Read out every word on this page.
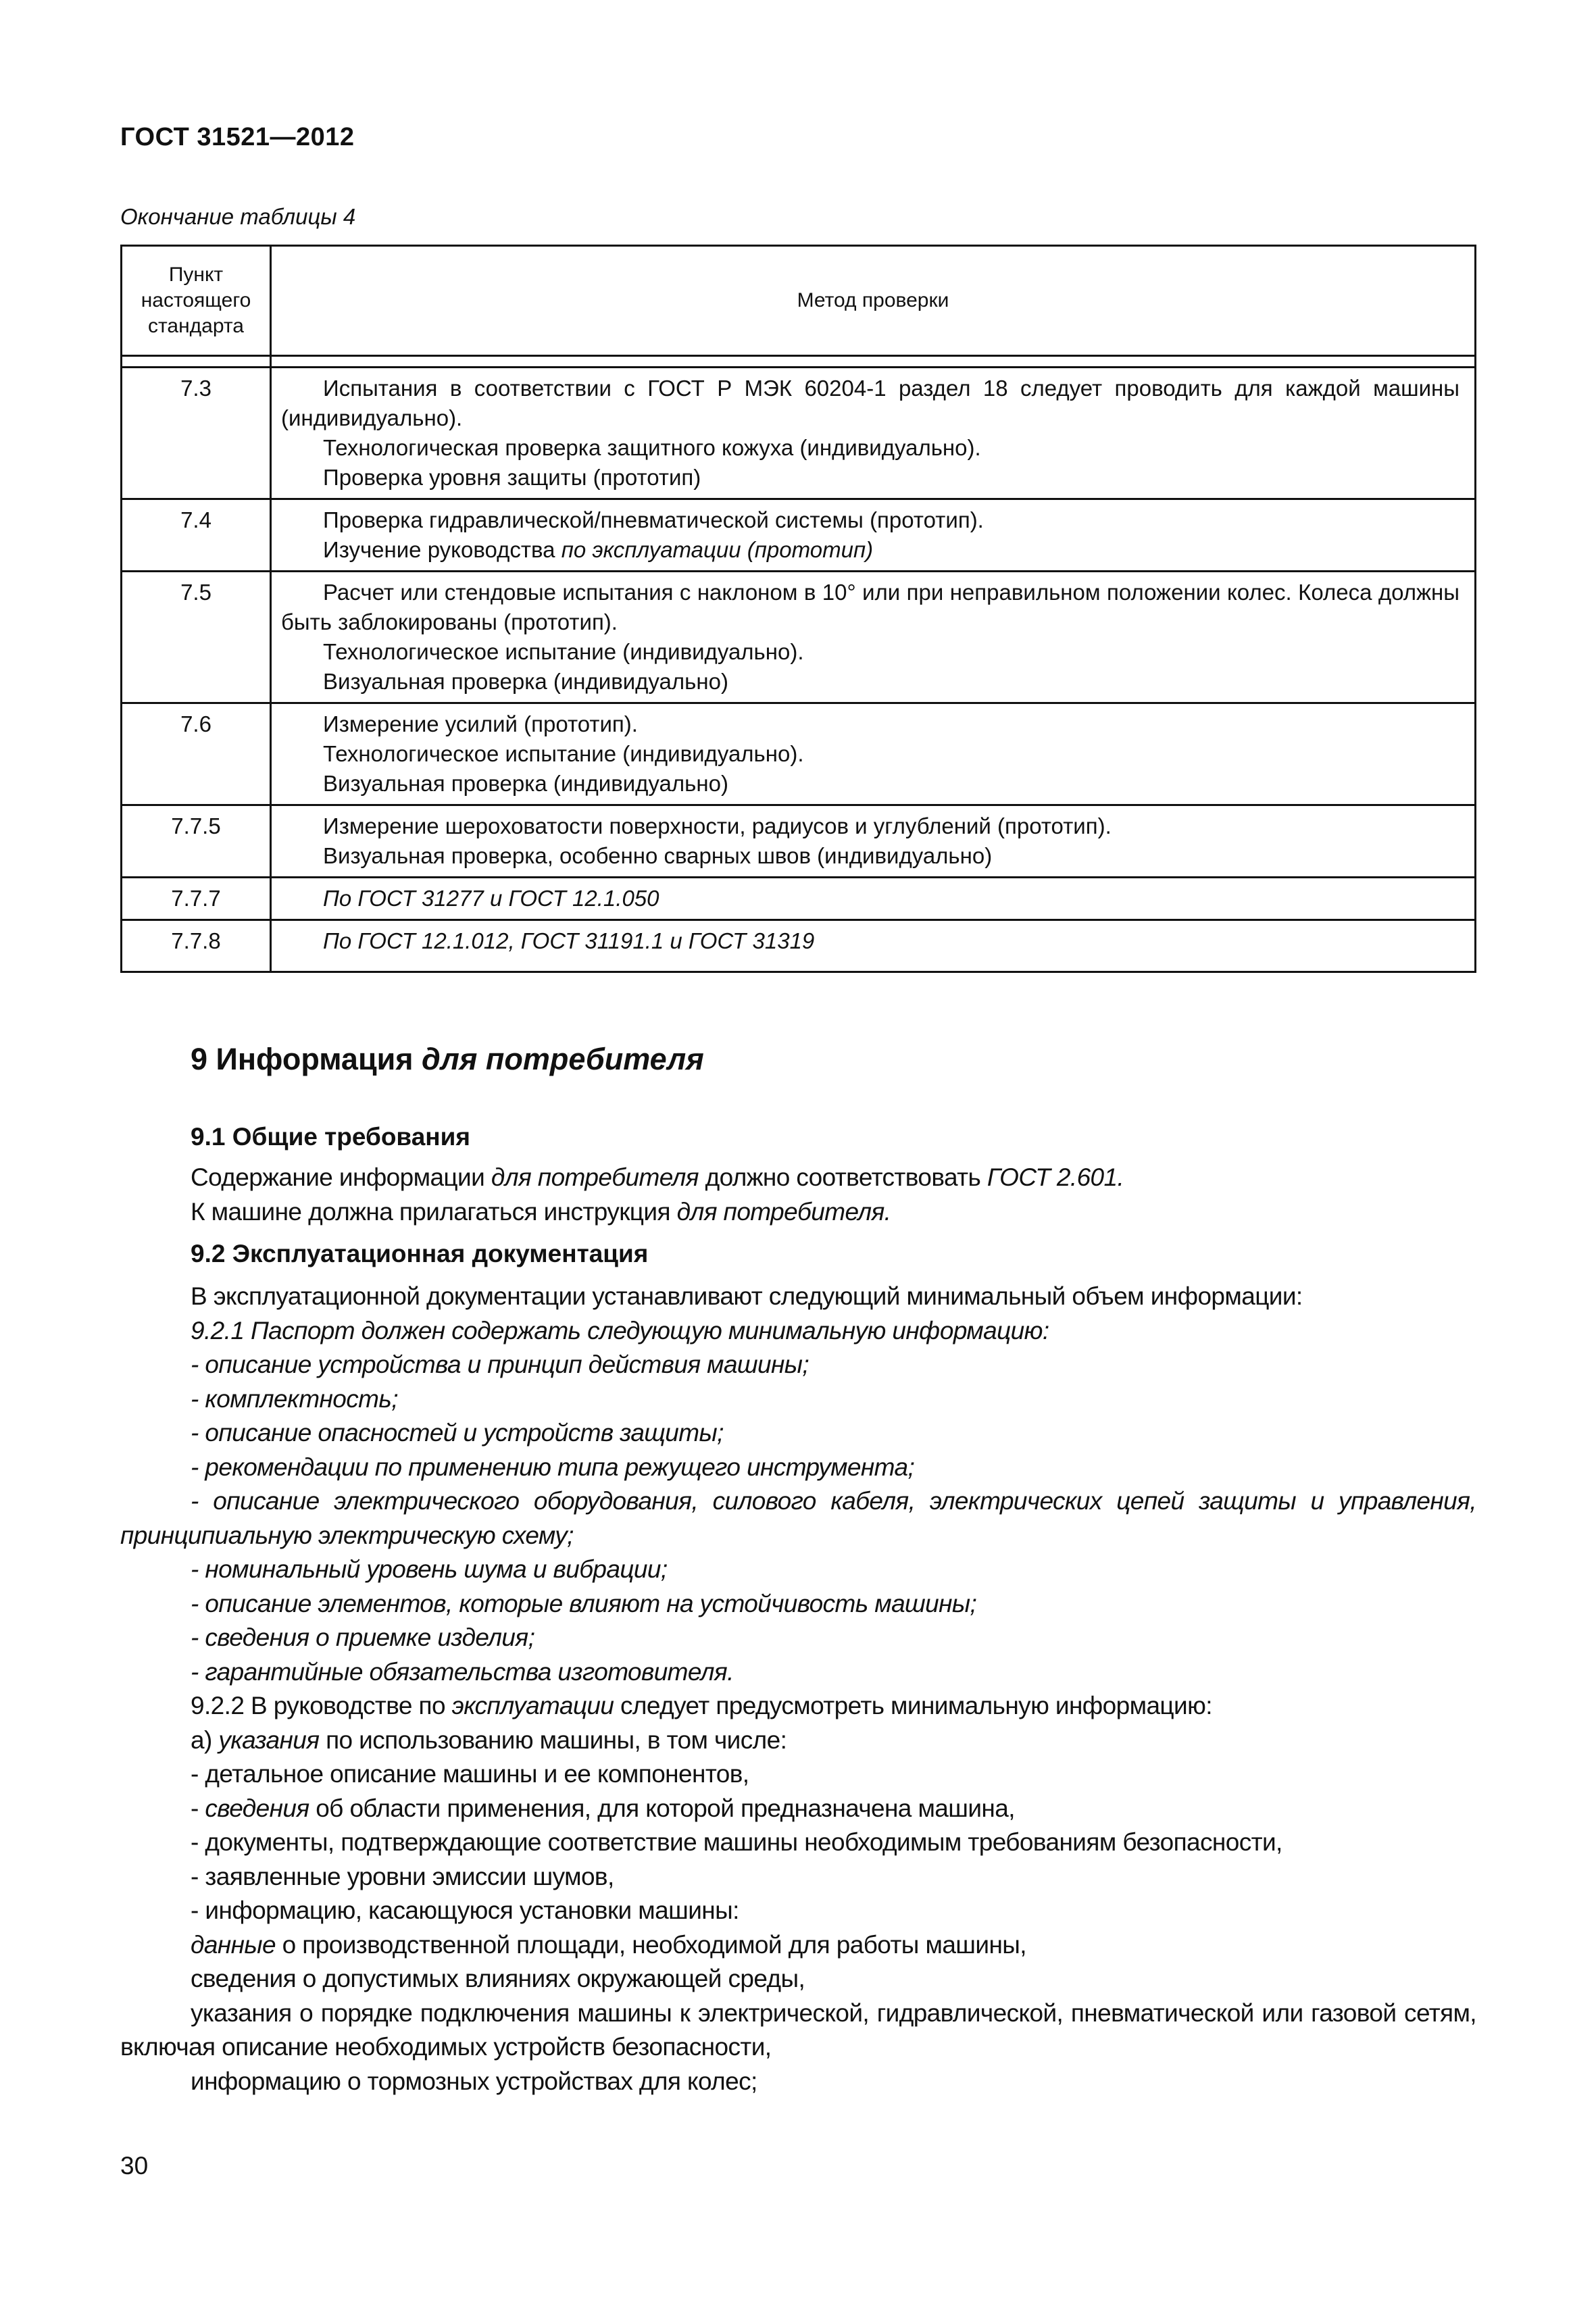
ГОСТ 31521—2012
Окончание таблицы 4
Пункт настоящего стандарта	Метод проверки

7.3	Испытания в соответствии с ГОСТ Р МЭК 60204-1 раздел 18 следует проводить для каждой машины (индивидуально).
Технологическая проверка защитного кожуха (индивидуально).
Проверка уровня защиты (прототип)

7.4	Проверка гидравлической/пневматической системы (прототип).
Изучение руководства по эксплуатации (прототип)

7.5	Расчет или стендовые испытания с наклоном в 10° или при неправильном положении колес. Колеса должны быть заблокированы (прототип).
Технологическое испытание (индивидуально).
Визуальная проверка (индивидуально)

7.6	Измерение усилий (прототип).
Технологическое испытание (индивидуально).
Визуальная проверка (индивидуально)

7.7.5	Измерение шероховатости поверхности, радиусов и углублений (прототип).
Визуальная проверка, особенно сварных швов (индивидуально)

7.7.7	По ГОСТ 31277 и ГОСТ 12.1.050

7.7.8	По ГОСТ 12.1.012, ГОСТ 31191.1 и ГОСТ 31319
9 Информация для потребителя
9.1 Общие требования

Содержание информации для потребителя должно соответствовать ГОСТ 2.601.

К машине должна прилагаться инструкция для потребителя.

9.2 Эксплуатационная документация

В эксплуатационной документации устанавливают следующий минимальный объем информации:

9.2.1 Паспорт должен содержать следующую минимальную информацию:

- описание устройства и принцип действия машины;

- комплектность;

- описание опасностей и устройств защиты;

- рекомендации по применению типа режущего инструмента;

- описание электрического оборудования, силового кабеля, электрических цепей защиты и управления, принципиальную электрическую схему;

- номинальный уровень шума и вибрации;

- описание элементов, которые влияют на устойчивость машины;

- сведения о приемке изделия;

- гарантийные обязательства изготовителя.

9.2.2 В руководстве по эксплуатации следует предусмотреть минимальную информацию:

а) указания по использованию машины, в том числе:

- детальное описание машины и ее компонентов,

- сведения об области применения, для которой предназначена машина,

- документы, подтверждающие соответствие машины необходимым требованиям безопасности,

- заявленные уровни эмиссии шумов,

- информацию, касающуюся установки машины:

данные о производственной площади, необходимой для работы машины,

сведения о допустимых влияниях окружающей среды,

указания о порядке подключения машины к электрической, гидравлической, пневматической или газовой сетям, включая описание необходимых устройств безопасности,

информацию о тормозных устройствах для колес;

30
